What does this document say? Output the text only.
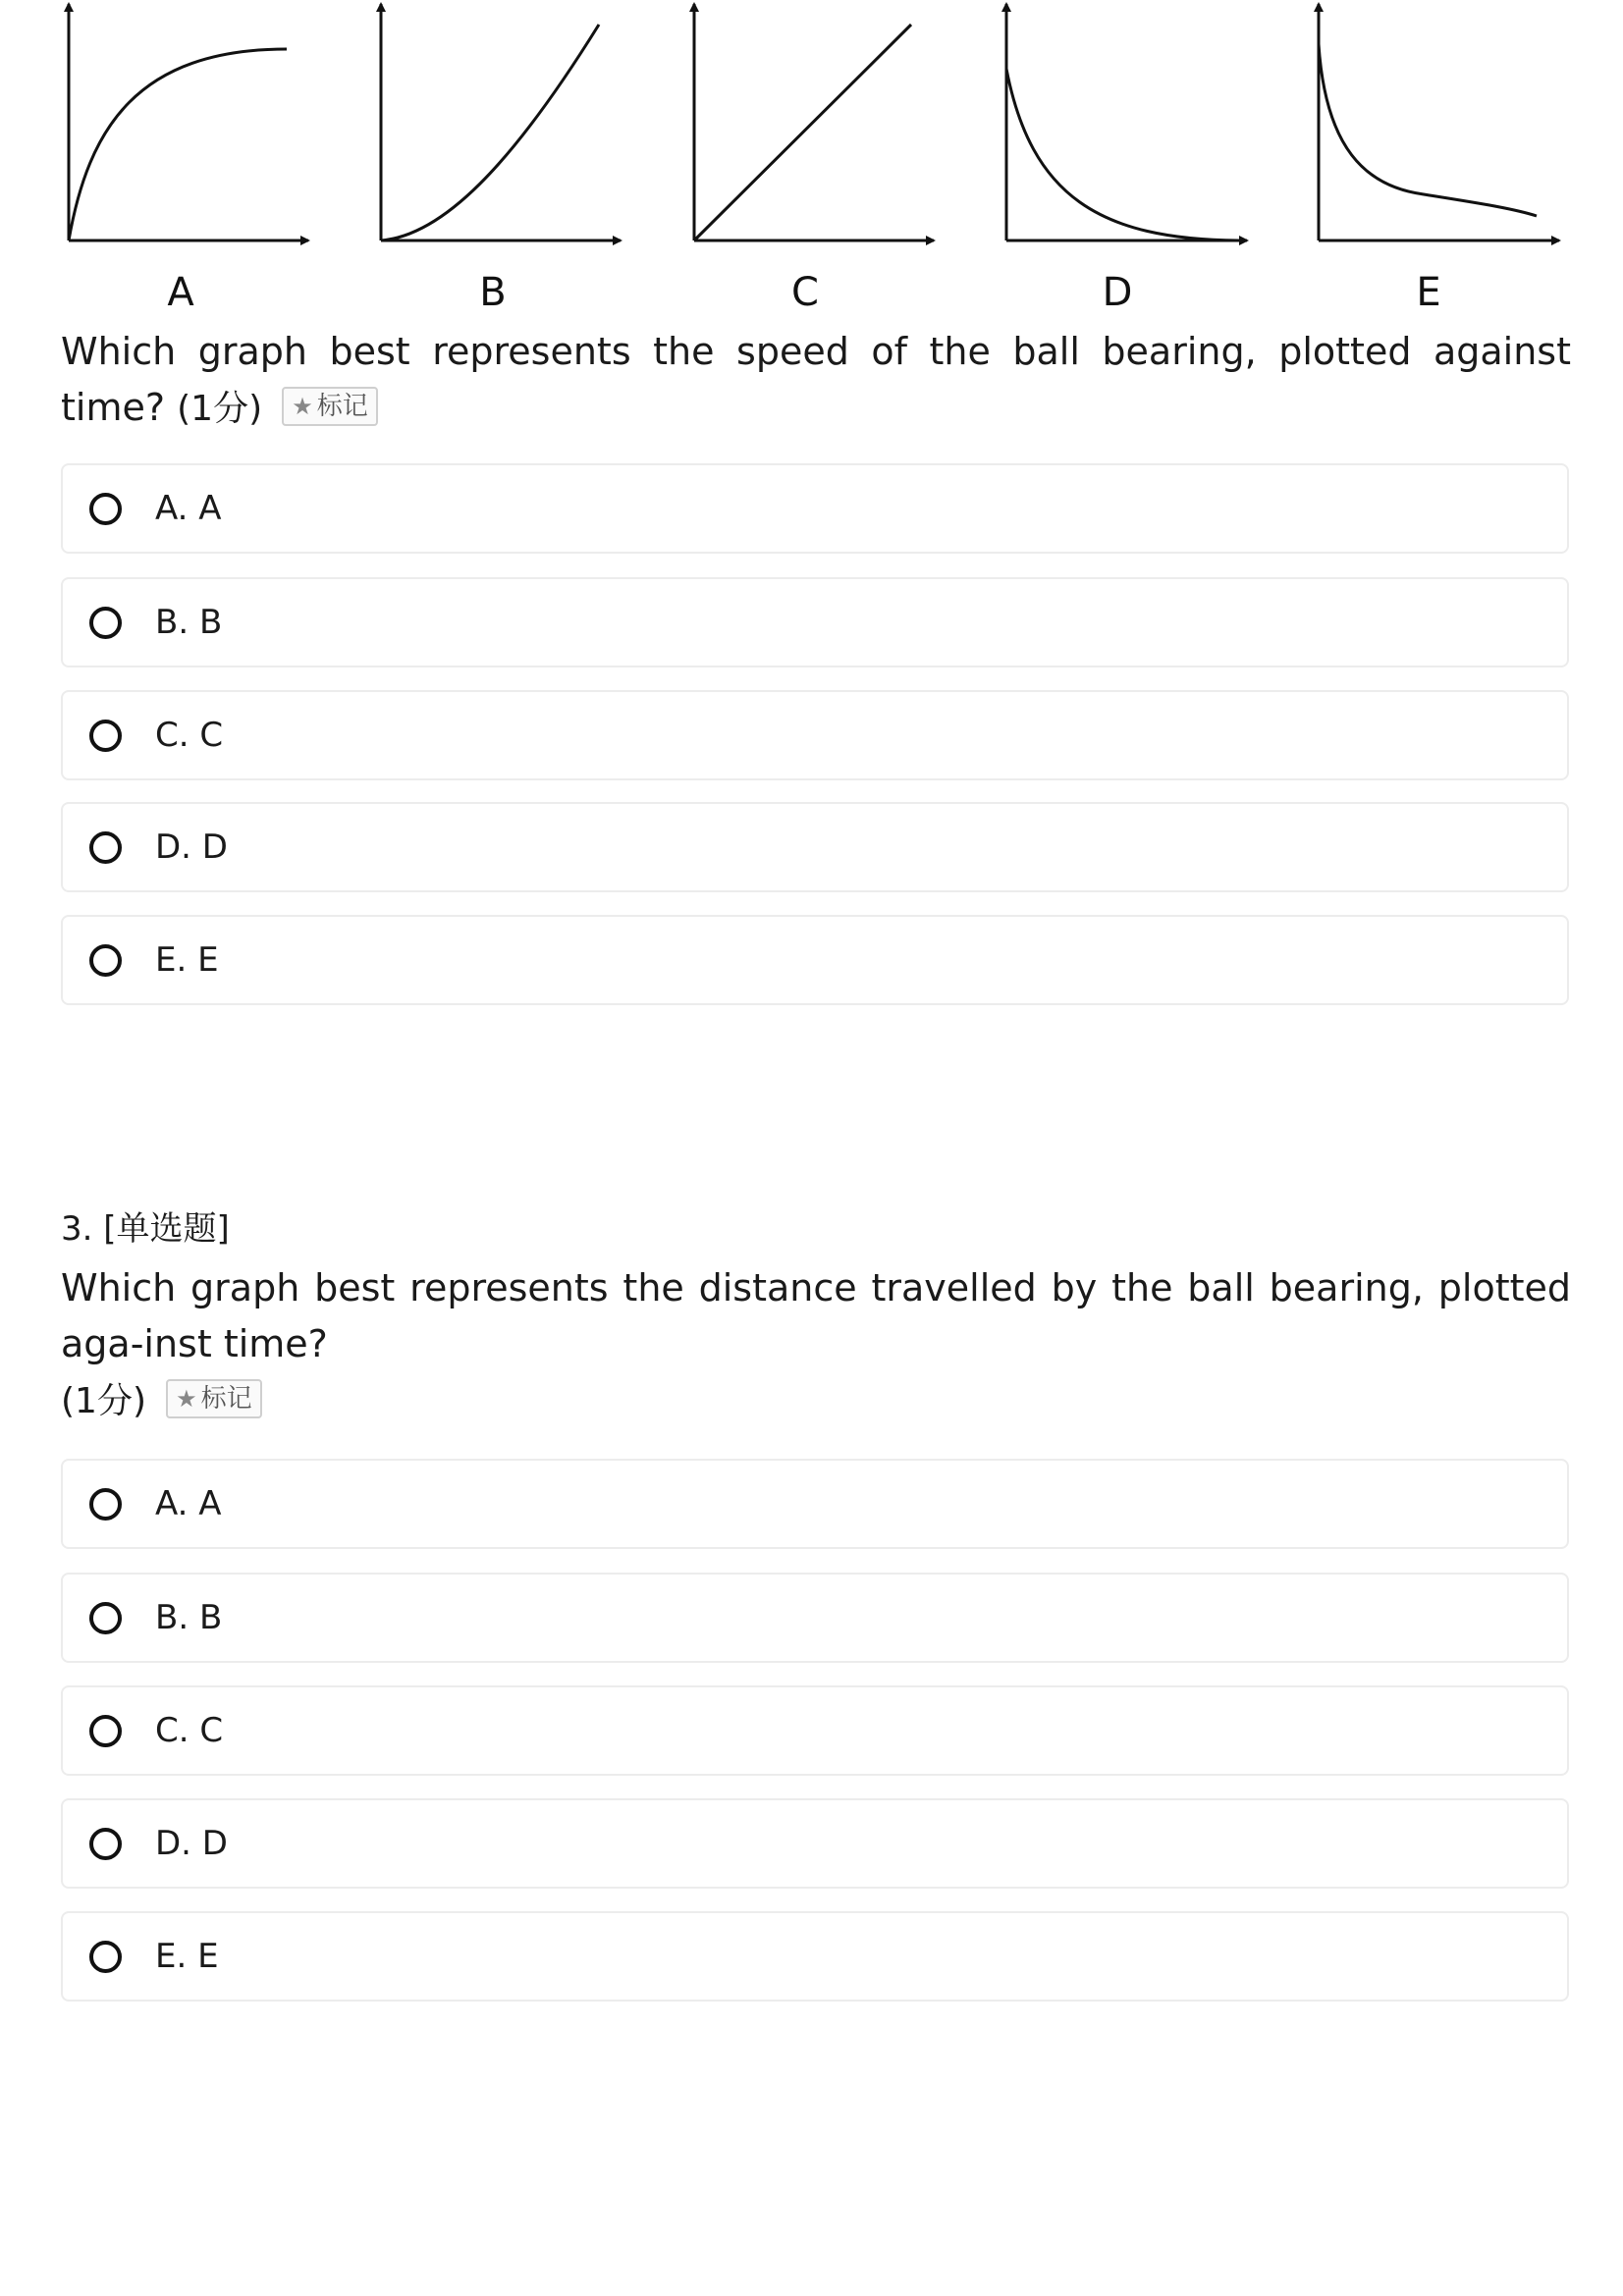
A	B	C	D	E
Which graph best represents the speed of the ball bearing, plotted against time? (1分) ★ 标记
A. A
B. B
C. C
D. D
E. E
3. [单选题]
Which graph best represents the distance travelled by the ball bearing, plotted aga-inst time?
(1分) ★ 标记
A. A
B. B
C. C
D. D
E. E
